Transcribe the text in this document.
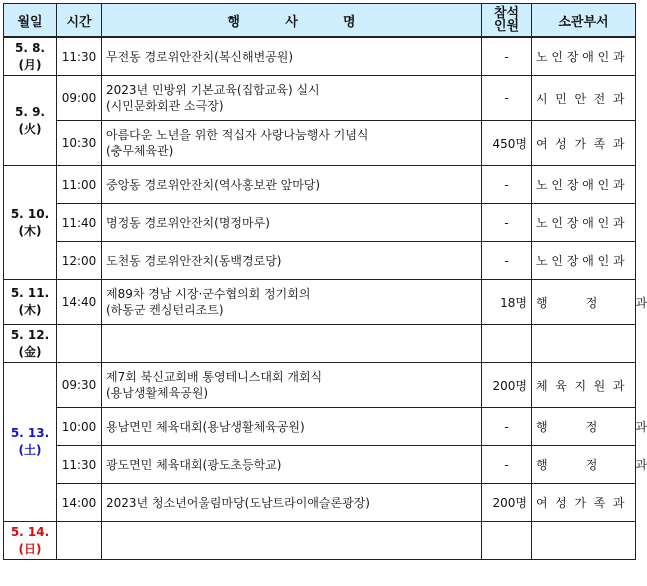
월일	시간	행          사          명	참석
인원	소관부서

5. 8.
(月)	11:30	무전동 경로위안잔치(복신해변공원)	-	노 인 장 애 인 과

5. 9.
(火)	09:00	2023년 민방위 기본교육(집합교육) 실시
(시민문화회관 소극장)	-	시  민  안  전  과
	10:30	아름다운 노년을 위한 적십자 사랑나눔행사 기념식
(충무체육관)	450명	여  성  가  족  과

5. 10.
(木)	11:00	중앙동 경로위안잔치(역사홍보관 앞마당)	-	노 인 장 애 인 과
	11:40	명정동 경로위안잔치(명정마루)	-	노 인 장 애 인 과
	12:00	도천동 경로위안잔치(동백경로당)	-	노 인 장 애 인 과

5. 11.
(木)	14:40	제89차 경남 시장·군수협의회 정기회의
(하동군 켄싱턴리조트)	18명	행          정          과

5. 12.
(金)				

5. 13.
(土)	09:30	제7회 북신교회배 통영테니스대회 개회식
(용남생활체육공원)	200명	체  육  지  원  과
	10:00	용남면민 체육대회(용남생활체육공원)	-	행          정          과
	11:30	광도면민 체육대회(광도초등학교)	-	행          정          과
	14:00	2023년 청소년어울림마당(도남트라이애슬론광장)	200명	여  성  가  족  과

5. 14.
(日)				
